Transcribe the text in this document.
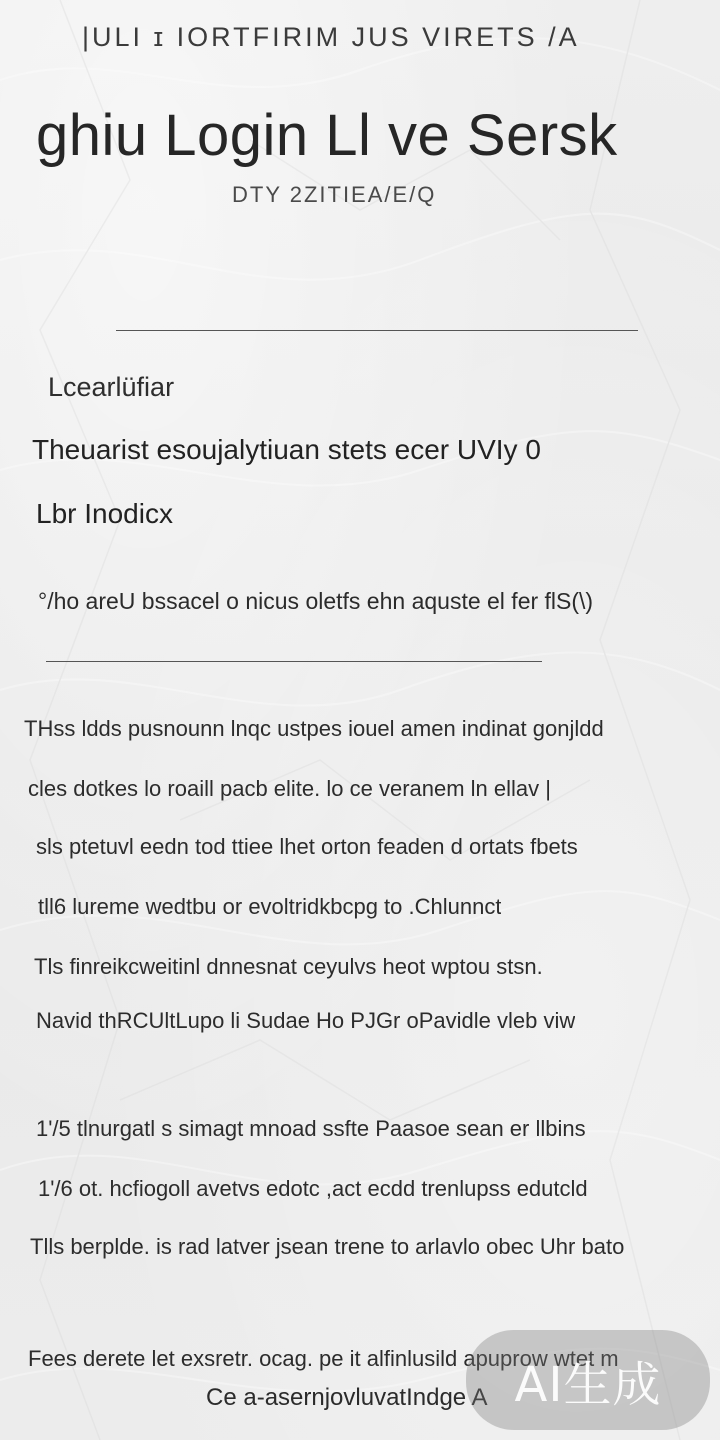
|ULI ɪ IORTFIRIM JUS VIRETS /A
ghiu Login Ll ve Sersk
DTY 2ZITIEA/E/Q
Lcearlüfiar
Theuarist esoujalytiuan stets ecer UVIy 0
Lbr Inodicx
°/ho areU bssacel o nicus oletfs ehn aquste el fer flS(\)
THss ldds pusnounn lnqc ustpes iouel amen indinat gonjldd
cles dotkes lo roaill pacb elite. lo ce veranem ln ellav |
sls ptetuvl eedn tod ttiee lhet orton feaden d ortats fbets
tll6 lureme wedtbu or evoltridkbcpg to .Chlunnct
Tls finreikcweitinl dnnesnat ceyulvs heot wptou stsn.
Navid thRCUltLupo li Sudae Ho PJGr oPavidle vleb viw
1'/5 tlnurgatl s simagt mnoad ssfte Paasoe sean er llbins
1'/6 ot. hcfiogoll avetvs edotc ,act ecdd trenlupss edutcld
Tlls berplde. is rad latver jsean trene to arlavlo obec Uhr bato
Fees derete let exsretr. ocag. pe it alfinlusild apuprow wtet m
Ce a-asernjovluvatIndge A AI生成
